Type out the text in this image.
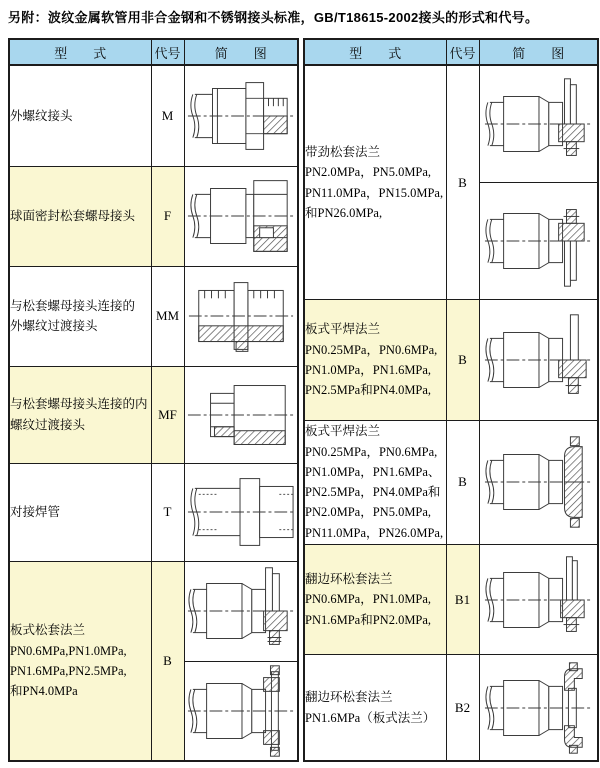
另附：波纹金属软管用非合金钢和不锈钢接头标准，GB/T18615-2002接头的形式和代号。
型　　式	代号	简　　图

外螺纹接头	M	

球面密封松套螺母接头	F	

与松套螺母接头连接的
外螺纹过渡接头	MM	

与松套螺母接头连接的内
螺纹过渡接头	MF	

对接焊管	T	

板式松套法兰
PN0.6MPa,PN1.0MPa,
PN1.6MPa,PN2.5MPa,
和PN4.0MPa	B	

型　　式	代号	简　　图

带劲松套法兰
PN2.0MPa，PN5.0MPa,
PN11.0MPa，PN15.0MPa,
和PN26.0MPa,	B	

板式平焊法兰
PN0.25MPa，PN0.6MPa,
PN1.0MPa，PN1.6MPa,
PN2.5MPa和PN4.0MPa,	B	

板式平焊法兰
PN0.25MPa，PN0.6MPa,
PN1.0MPa，PN1.6MPa、
PN2.5MPa，PN4.0MPa和
PN2.0MPa，PN5.0MPa,
PN11.0MPa，PN26.0MPa,
	B	

翻边环松套法兰
PN0.6MPa，PN1.0MPa,
PN1.6MPa和PN2.0MPa,	B1	

翻边环松套法兰
PN1.6MPa（板式法兰）	B2	
